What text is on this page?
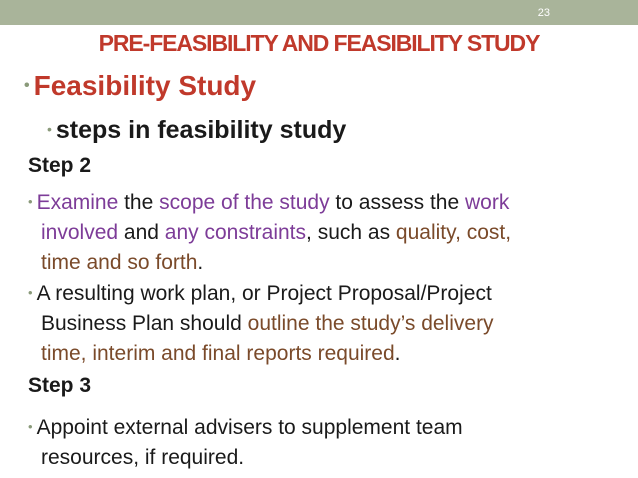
23
PRE-FEASIBILITY AND FEASIBILITY STUDY
• Feasibility Study
• steps in feasibility study
Step 2
• Examine the scope of the study to assess the work
involved and any constraints, such as quality, cost,
time and so forth.
• A resulting work plan, or Project Proposal/Project
Business Plan should outline the study’s delivery
time, interim and final reports required.
Step 3
• Appoint external advisers to supplement team
resources, if required.
